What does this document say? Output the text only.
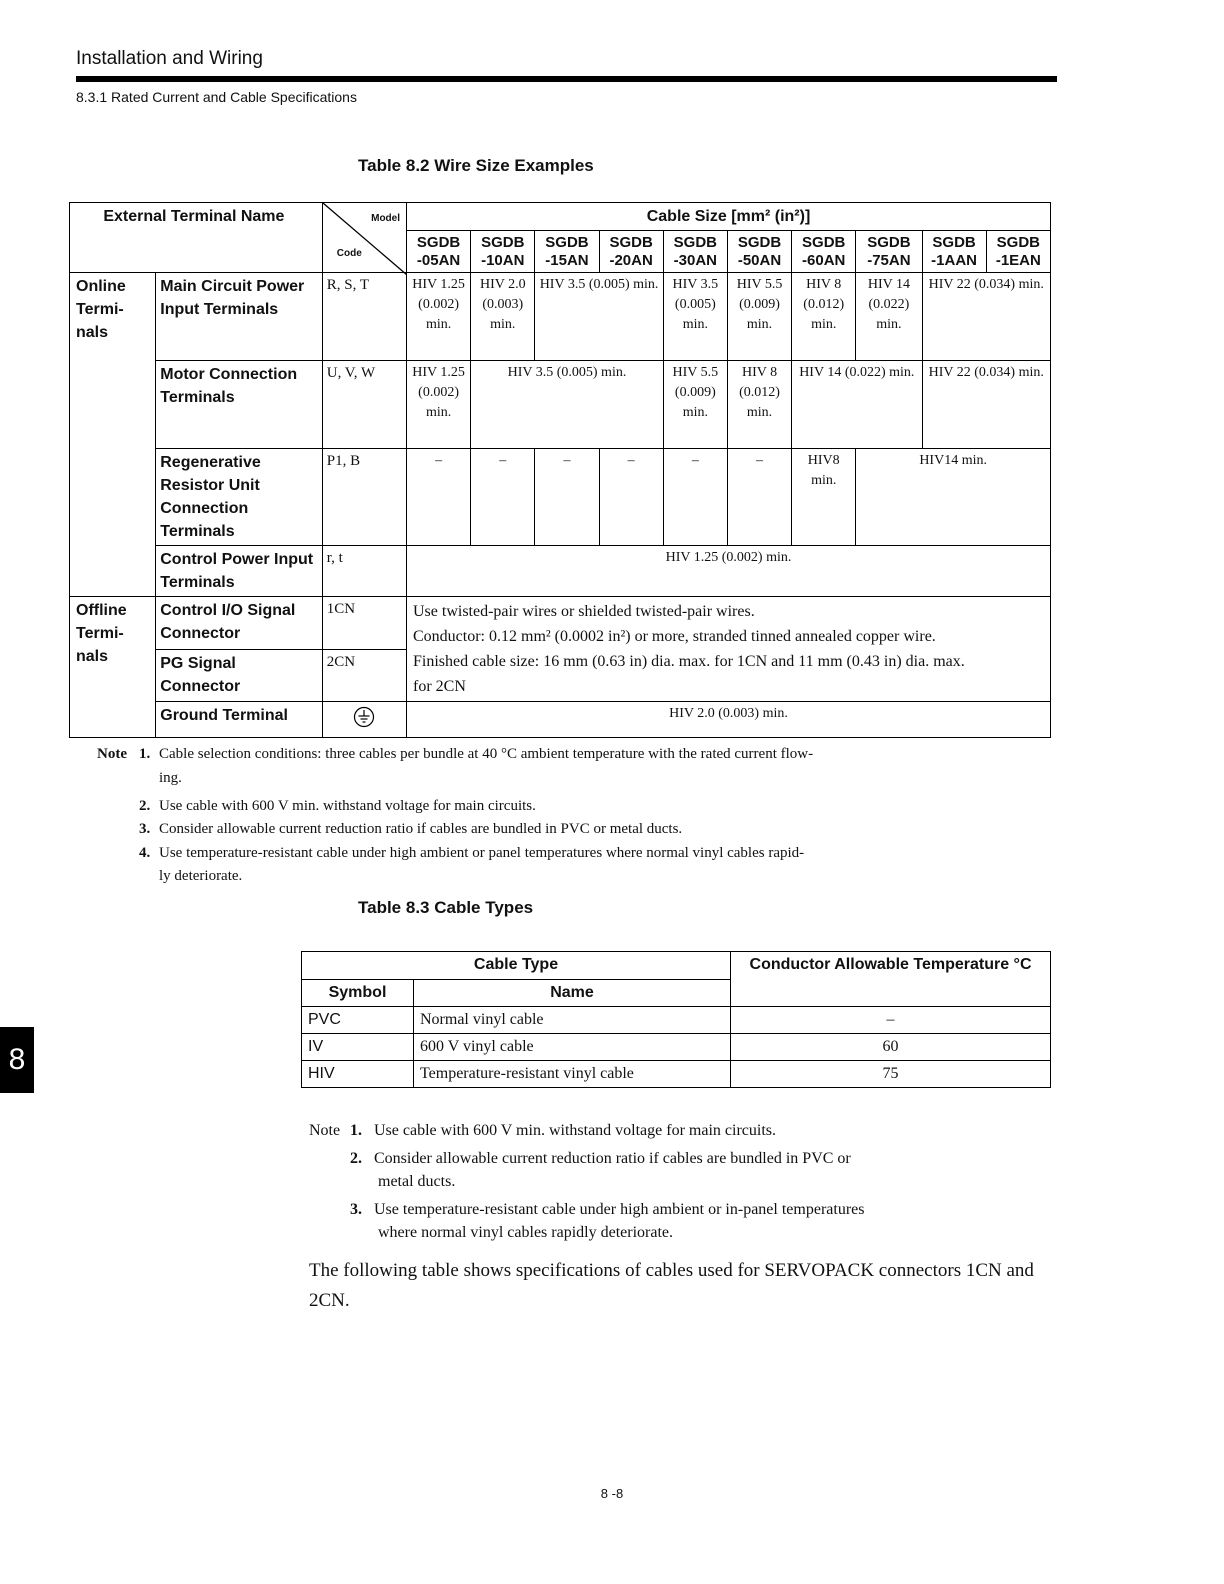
Installation and Wiring
8.3.1 Rated Current and Cable Specifications
Table 8.2 Wire Size Examples
External Terminal Name		Model
Code	Cable Size [mm² (in²)]									
			SGDB -05AN	SGDB -10AN	SGDB -15AN	SGDB -20AN	SGDB -30AN	SGDB -50AN	SGDB -60AN	SGDB -75AN	SGDB -1AAN	SGDB -1EAN
Online Termi- nals	Main Circuit Power Input Terminals	R, S, T	HIV 1.25 (0.002) min.	HIV 2.0 (0.003) min.	HIV 3.5 (0.005) min.		HIV 3.5 (0.005) min.	HIV 5.5 (0.009) min.	HIV 8 (0.012) min.	HIV 14 (0.022) min.	HIV 22 (0.034) min.	
	Motor Connection Terminals	U, V, W	HIV 1.25 (0.002) min.	HIV 3.5 (0.005) min.			HIV 5.5 (0.009) min.	HIV 8 (0.012) min.	HIV 14 (0.022) min.		HIV 22 (0.034) min.	
	Regenerative Resistor Unit Connection Terminals	P1, B	–	–	–	–	–	–	HIV8 min.	HIV14 min.		
	Control Power Input Terminals	r, t	HIV 1.25 (0.002) min.									
Offline Termi- nals	Control I/O Signal Connector	1CN	Use twisted-pair wires or shielded twisted-pair wires.
Conductor: 0.12 mm² (0.0002 in²) or more, stranded tinned annealed copper wire.
Finished cable size: 16 mm (0.63 in) dia. max. for 1CN and 11 mm (0.43 in) dia. max.
for 2CN									

	PG Signal Connector	2CN										
	Ground Terminal		HIV 2.0 (0.003) min.									
Note 1. Cable selection conditions: three cables per bundle at 40 °C ambient temperature with the rated current flow-
ing.
2. Use cable with 600 V min. withstand voltage for main circuits.
3. Consider allowable current reduction ratio if cables are bundled in PVC or metal ducts.
4. Use temperature-resistant cable under high ambient or panel temperatures where normal vinyl cables rapid-
ly deteriorate.
Table 8.3 Cable Types
Cable Type		Conductor Allowable Temperature °C
Symbol	Name	
PVC	Normal vinyl cable	–
IV	600 V vinyl cable	60
HIV	Temperature-resistant vinyl cable	75
Note 1. Use cable with 600 V min. withstand voltage for main circuits.
2. Consider allowable current reduction ratio if cables are bundled in PVC or
metal ducts.
3. Use temperature-resistant cable under high ambient or in-panel temperatures
where normal vinyl cables rapidly deteriorate.
The following table shows specifications of cables used for SERVOPACK connectors 1CN and
2CN.
8
8 -8
